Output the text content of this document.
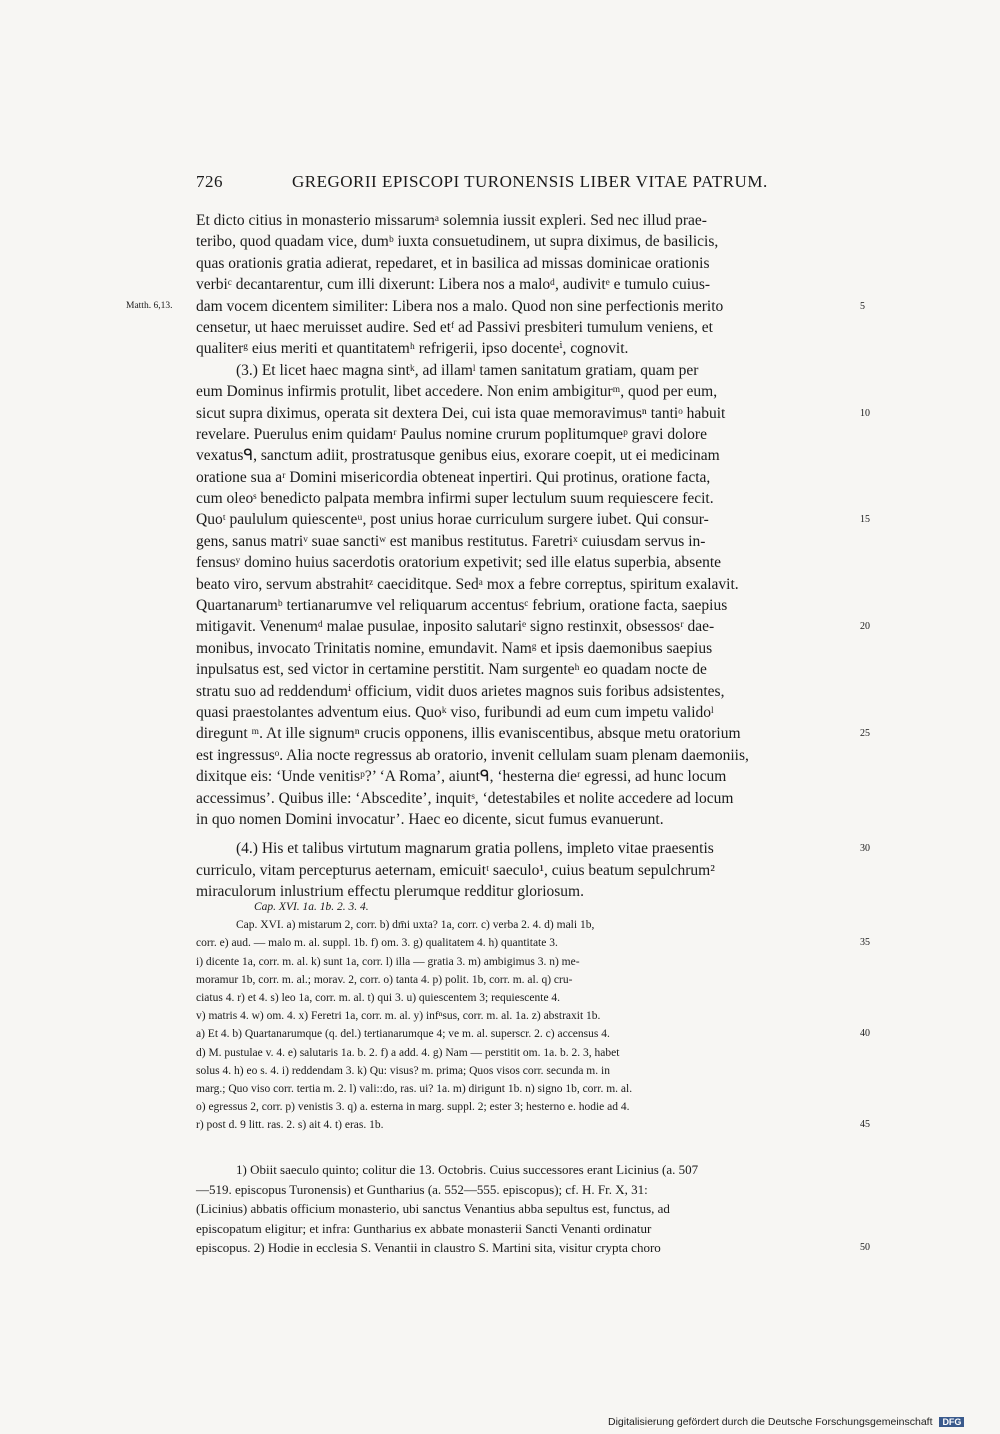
726	GREGORII EPISCOPI TURONENSIS LIBER VITAE PATRUM.
Et dicto citius in monasterio missarumᵃ solemnia iussit expleri. Sed nec illud prae-
teribo, quod quadam vice, dumᵇ iuxta consuetudinem, ut supra diximus, de basilicis,
quas orationis gratia adierat, repedaret, et in basilica ad missas dominicae orationis
verbiᶜ decantarentur, cum illi dixerunt: Libera nos a maloᵈ, audivitᵉ e tumulo cuius-
dam vocem dicentem similiter: Libera nos a malo. Quod non sine perfectionis merito	5
Matth. 6,13.
censetur, ut haec meruisset audire. Sed etᶠ ad Passivi presbiteri tumulum veniens, et
qualiterᵍ eius meriti et quantitatemʰ refrigerii, ipso docenteⁱ, cognovit.
(3.) Et licet haec magna sintᵏ, ad illamˡ tamen sanitatum gratiam, quam per
eum Dominus infirmis protulit, libet accedere. Non enim ambigiturᵐ, quod per eum,
sicut supra diximus, operata sit dextera Dei, cui ista quae memoravimusⁿ tantiᵒ habuit	10
revelare. Puerulus enim quidamʳ Paulus nomine crurum poplitumqueᵖ gravi dolore
vexatusᑫ, sanctum adiit, prostratusque genibus eius, exorare coepit, ut ei medicinam
oratione sua aʳ Domini misericordia obteneat inpertiri. Qui protinus, oratione facta,
cum oleoˢ benedicto palpata membra infirmi super lectulum suum requiescere fecit.
Quoᵗ paululum quiescenteᵘ, post unius horae curriculum surgere iubet. Qui consur-	15
gens, sanus matriᵛ suae sanctiʷ est manibus restitutus. Faretriˣ cuiusdam servus in-
fensusʸ domino huius sacerdotis oratorium expetivit; sed ille elatus superbia, absente
beato viro, servum abstrahitᶻ caeciditque. Sedᵃ mox a febre correptus, spiritum exalavit.
Quartanarumᵇ tertianarumve vel reliquarum accentusᶜ febrium, oratione facta, saepius
mitigavit. Venenumᵈ malae pusulae, inposito salutariᵉ signo restinxit, obsessosʳ dae-	20
monibus, invocato Trinitatis nomine, emundavit. Namᵍ et ipsis daemonibus saepius
inpulsatus est, sed victor in certamine perstitit. Nam surgenteʰ eo quadam nocte de
stratu suo ad reddendumⁱ officium, vidit duos arietes magnos suis foribus adsistentes,
quasi praestolantes adventum eius. Quoᵏ viso, furibundi ad eum cum impetu validoˡ
diregunt ᵐ. At ille signumⁿ crucis opponens, illis evaniscentibus, absque metu oratorium	25
est ingressusᵒ. Alia nocte regressus ab oratorio, invenit cellulam suam plenam daemoniis,
dixitque eis: ‘Unde venitisᵖ?’ ‘A Roma’, aiuntᑫ, ‘hesterna dieʳ egressi, ad hunc locum
accessimus’. Quibus ille: ‘Abscedite’, inquitˢ, ‘detestabiles et nolite accedere ad locum
in quo nomen Domini invocatur’. Haec eo dicente, sicut fumus evanuerunt.
(4.) His et talibus virtutum magnarum gratia pollens, impleto vitae praesentis	30
curriculo, vitam percepturus aeternam, emicuitᵗ saeculo¹, cuius beatum sepulchrum²
miraculorum inlustrium effectu plerumque redditur gloriosum.
Cap. XVI. 1a. 1b. 2. 3. 4.
Cap. XVI. a) mistarum 2, corr. b) dm̄i uxta? 1a, corr. c) verba 2. 4. d) mali 1b,
corr. e) aud. — malo m. al. suppl. 1b. f) om. 3. g) qualitatem 4. h) quantitate 3.	35
i) dicente 1a, corr. m. al. k) sunt 1a, corr. l) illa — gratia 3. m) ambigimus 3. n) me-
moramur 1b, corr. m. al.; morav. 2, corr. o) tanta 4. p) polit. 1b, corr. m. al. q) cru-
ciatus 4. r) et 4. s) leo 1a, corr. m. al. t) qui 3. u) quiescentem 3; requiescente 4.
v) matris 4. w) om. 4. x) Feretri 1a, corr. m. al. y) infⁿsus, corr. m. al. 1a. z) abstraxit 1b.
a) Et 4. b) Quartanarumque (q. del.) tertianarumque 4; ve m. al. superscr. 2. c) accensus 4.	40
d) M. pustulae v. 4. e) salutaris 1a. b. 2. f) a add. 4. g) Nam — perstitit om. 1a. b. 2. 3, habet
solus 4. h) eo s. 4. i) reddendam 3. k) Qu: visus? m. prima; Quos visos corr. secunda m. in
marg.; Quo viso corr. tertia m. 2. l) vali::do, ras. ui? 1a. m) dirigunt 1b. n) signo 1b, corr. m. al.
o) egressus 2, corr. p) venistis 3. q) a. esterna in marg. suppl. 2; ester 3; hesterno e. hodie ad 4.
r) post d. 9 litt. ras. 2. s) ait 4. t) eras. 1b.	45
1) Obiit saeculo quinto; colitur die 13. Octobris. Cuius successores erant Licinius (a. 507
—519. episcopus Turonensis) et Guntharius (a. 552—555. episcopus); cf. H. Fr. X, 31:
(Licinius) abbatis officium monasterio, ubi sanctus Venantius abba sepultus est, functus, ad
episcopatum eligitur; et infra: Guntharius ex abbate monasterii Sancti Venanti ordinatur
episcopus. 2) Hodie in ecclesia S. Venantii in claustro S. Martini sita, visitur crypta choro	50
Digitalisierung gefördert durch die Deutsche Forschungsgemeinschaft DFG
